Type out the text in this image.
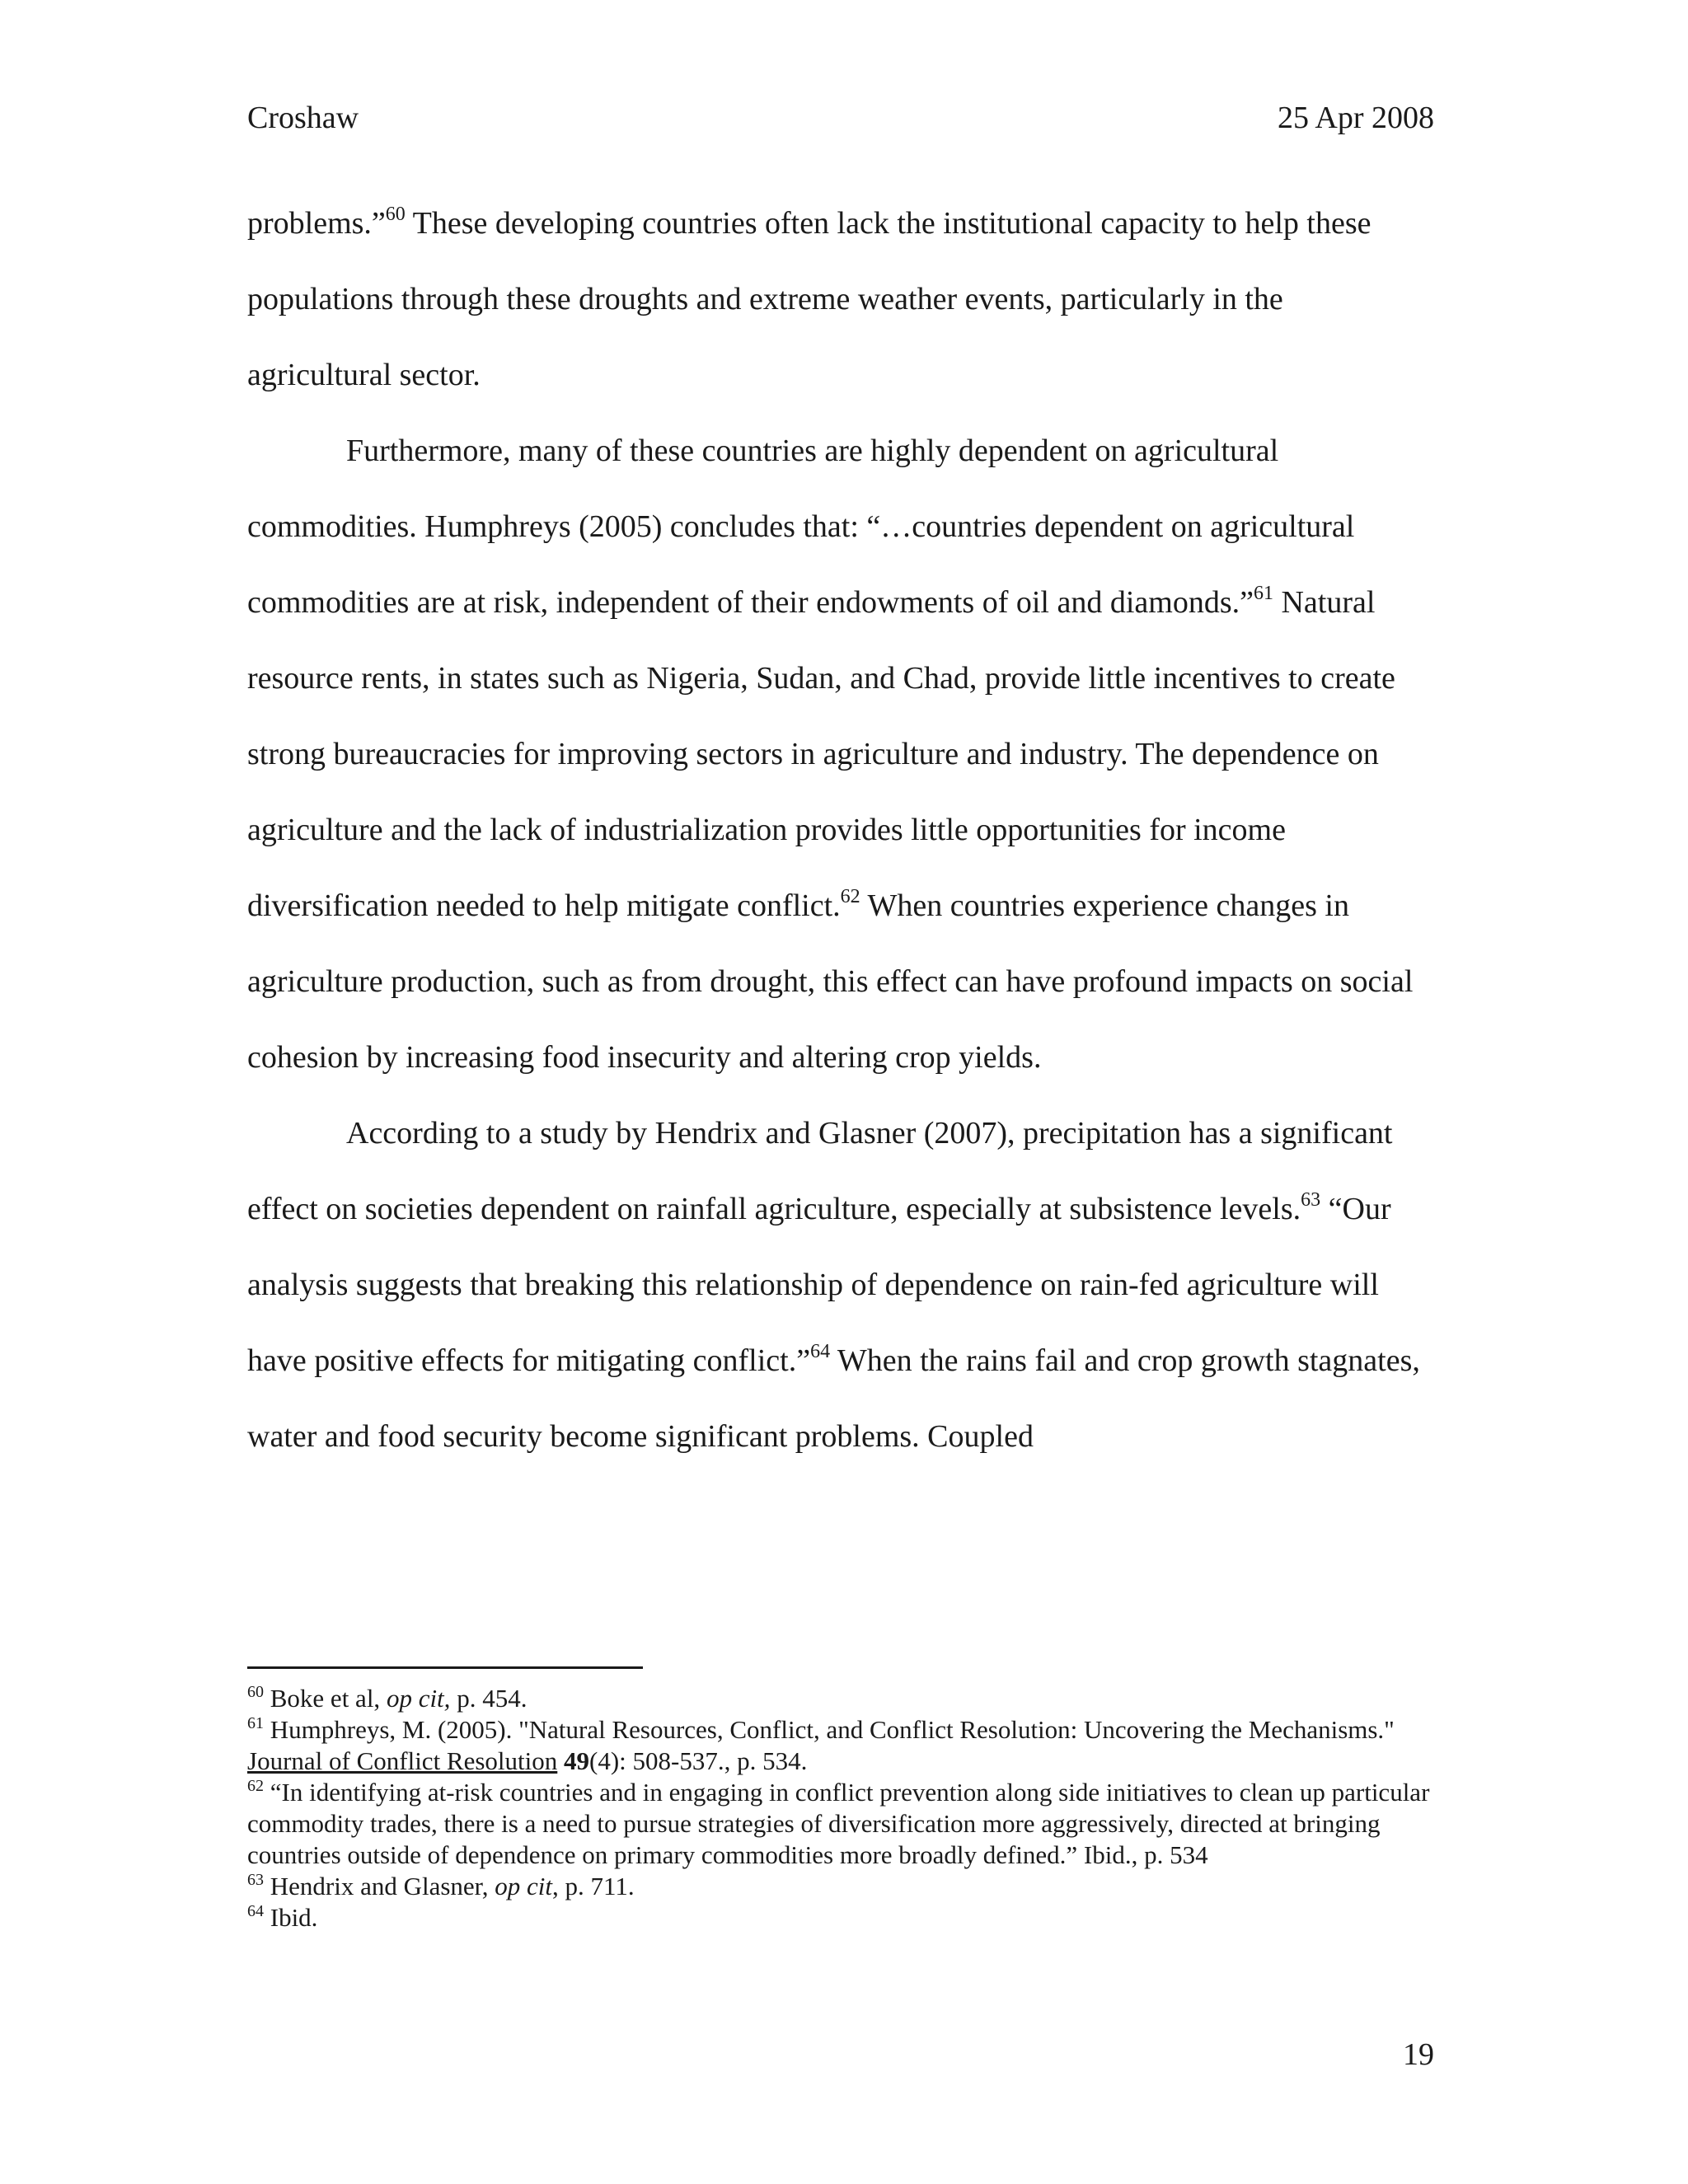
Croshaw	25 Apr 2008

problems.”$^{60}$ These developing countries often lack the institutional capacity to help these populations through these droughts and extreme weather events, particularly in the agricultural sector.

Furthermore, many of these countries are highly dependent on agricultural commodities. Humphreys (2005) concludes that: “…countries dependent on agricultural commodities are at risk, independent of their endowments of oil and diamonds.”$^{61}$ Natural resource rents, in states such as Nigeria, Sudan, and Chad, provide little incentives to create strong bureaucracies for improving sectors in agriculture and industry. The dependence on agriculture and the lack of industrialization provides little opportunities for income diversification needed to help mitigate conflict.$^{62}$ When countries experience changes in agriculture production, such as from drought, this effect can have profound impacts on social cohesion by increasing food insecurity and altering crop yields.

According to a study by Hendrix and Glasner (2007), precipitation has a significant effect on societies dependent on rainfall agriculture, especially at subsistence levels.$^{63}$ “Our analysis suggests that breaking this relationship of dependence on rain-fed agriculture will have positive effects for mitigating conflict.”$^{64}$ When the rains fail and crop growth stagnates, water and food security become significant problems. Coupled

$^{60}$ Boke et al, op cit, p. 454.

$^{61}$ Humphreys, M. (2005). "Natural Resources, Conflict, and Conflict Resolution: Uncovering the Mechanisms." Journal of Conflict Resolution 49(4): 508-537., p. 534.

$^{62}$ “In identifying at-risk countries and in engaging in conflict prevention along side initiatives to clean up particular commodity trades, there is a need to pursue strategies of diversification more aggressively, directed at bringing countries outside of dependence on primary commodities more broadly defined.” Ibid., p. 534

$^{63}$ Hendrix and Glasner, op cit, p. 711.

$^{64}$ Ibid.

19
